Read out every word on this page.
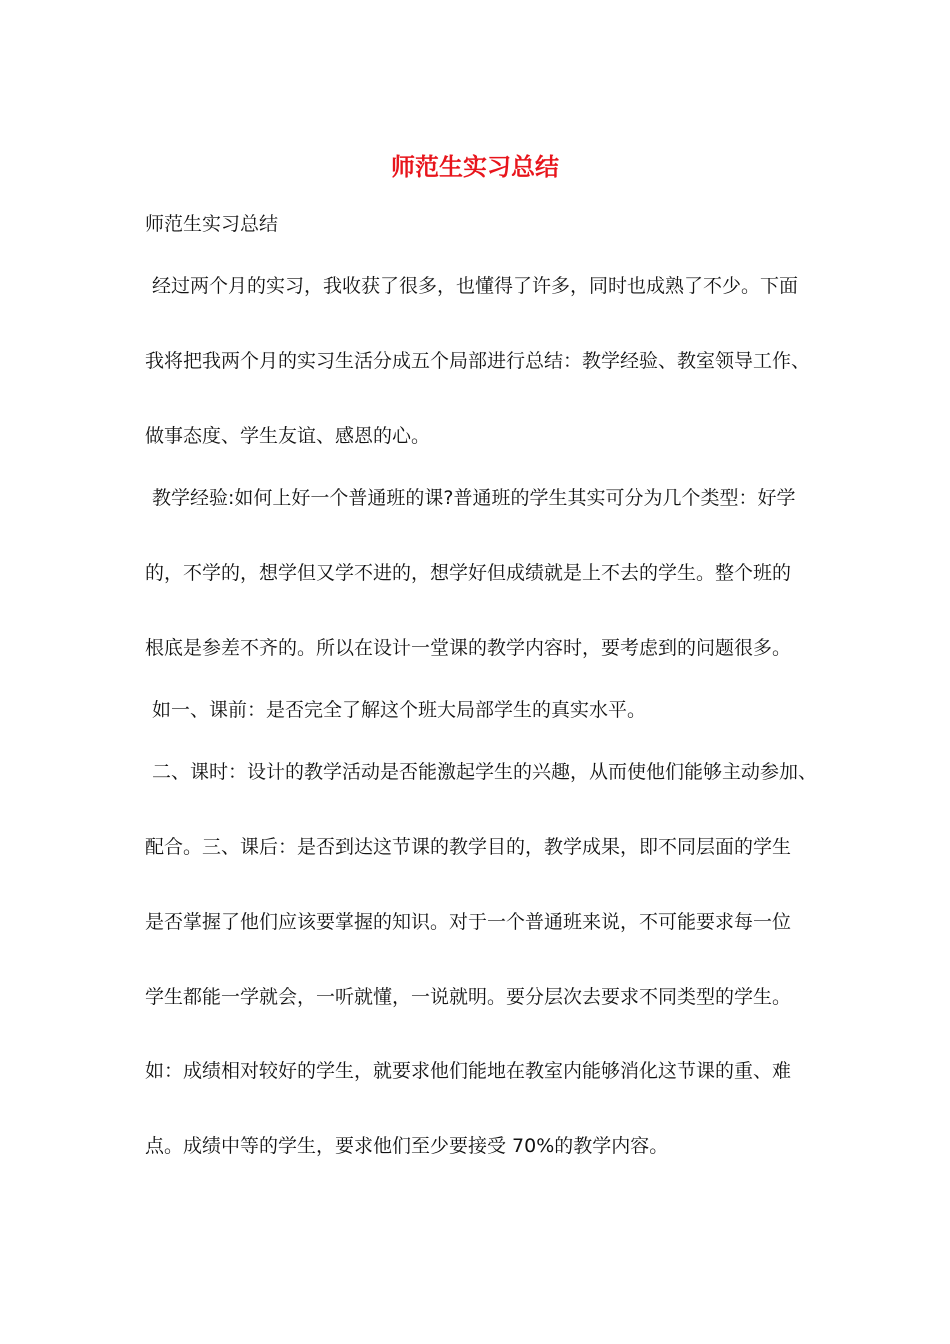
师范生实习总结
师范生实习总结
经过两个月的实习，我收获了很多，也懂得了许多，同时也成熟了不少。下面
我将把我两个月的实习生活分成五个局部进行总结：教学经验、教室领导工作、
做事态度、学生友谊、感恩的心。
教学经验:如何上好一个普通班的课?普通班的学生其实可分为几个类型：好学
的，不学的，想学但又学不进的，想学好但成绩就是上不去的学生。整个班的
根底是参差不齐的。所以在设计一堂课的教学内容时，要考虑到的问题很多。
如一、课前：是否完全了解这个班大局部学生的真实水平。
二、课时：设计的教学活动是否能激起学生的兴趣，从而使他们能够主动参加、
配合。三、课后：是否到达这节课的教学目的，教学成果，即不同层面的学生
是否掌握了他们应该要掌握的知识。对于一个普通班来说，不可能要求每一位
学生都能一学就会，一听就懂，一说就明。要分层次去要求不同类型的学生。
如：成绩相对较好的学生，就要求他们能地在教室内能够消化这节课的重、难
点。成绩中等的学生，要求他们至少要接受 70%的教学内容。
